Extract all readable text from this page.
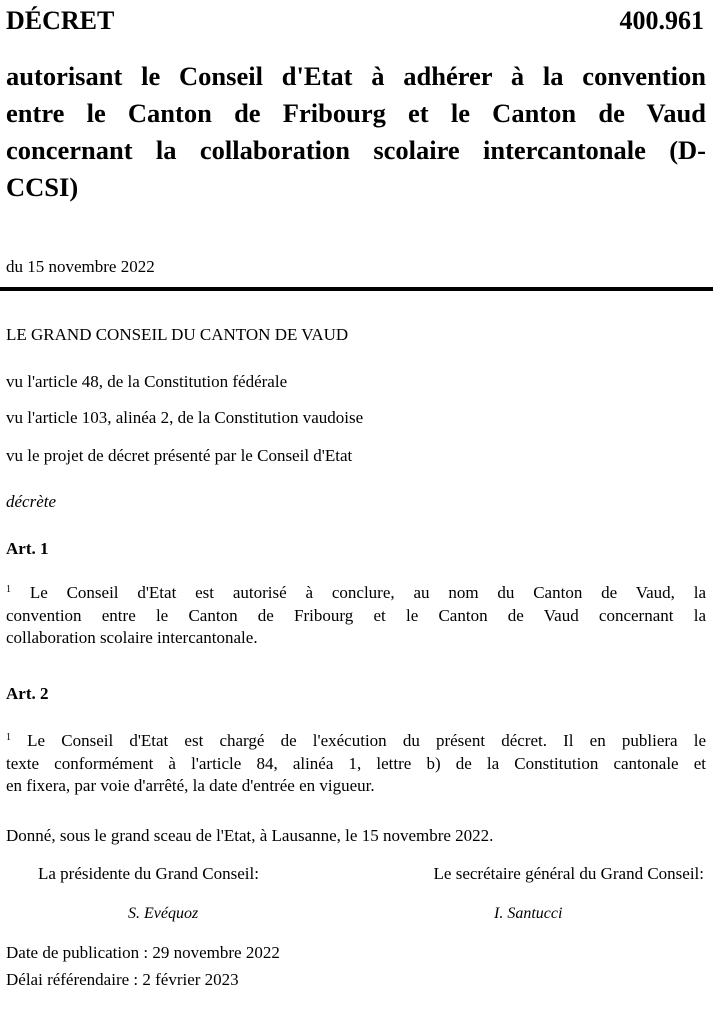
DÉCRET	400.961
autorisant le Conseil d'Etat à adhérer à la convention
entre le Canton de Fribourg et le Canton de Vaud
concernant la collaboration scolaire intercantonale (D-
CCSI)
du 15 novembre 2022
LE GRAND CONSEIL DU CANTON DE VAUD
vu l'article 48, de la Constitution fédérale
vu l'article 103, alinéa 2, de la Constitution vaudoise
vu le projet de décret présenté par le Conseil d'Etat
décrète
Art. 1
$^1$ Le Conseil d'Etat est autorisé à conclure, au nom du Canton de Vaud, la
convention entre le Canton de Fribourg et le Canton de Vaud concernant la
collaboration scolaire intercantonale.
Art. 2
$^1$ Le Conseil d'Etat est chargé de l'exécution du présent décret. Il en publiera le
texte conformément à l'article 84, alinéa 1, lettre b) de la Constitution cantonale et
en fixera, par voie d'arrêté, la date d'entrée en vigueur.
Donné, sous le grand sceau de l'Etat, à Lausanne, le 15 novembre 2022.
La présidente du Grand Conseil:	Le secrétaire général du Grand Conseil:
S. Evéquoz	I. Santucci
Date de publication : 29 novembre 2022
Délai référendaire : 2 février 2023
